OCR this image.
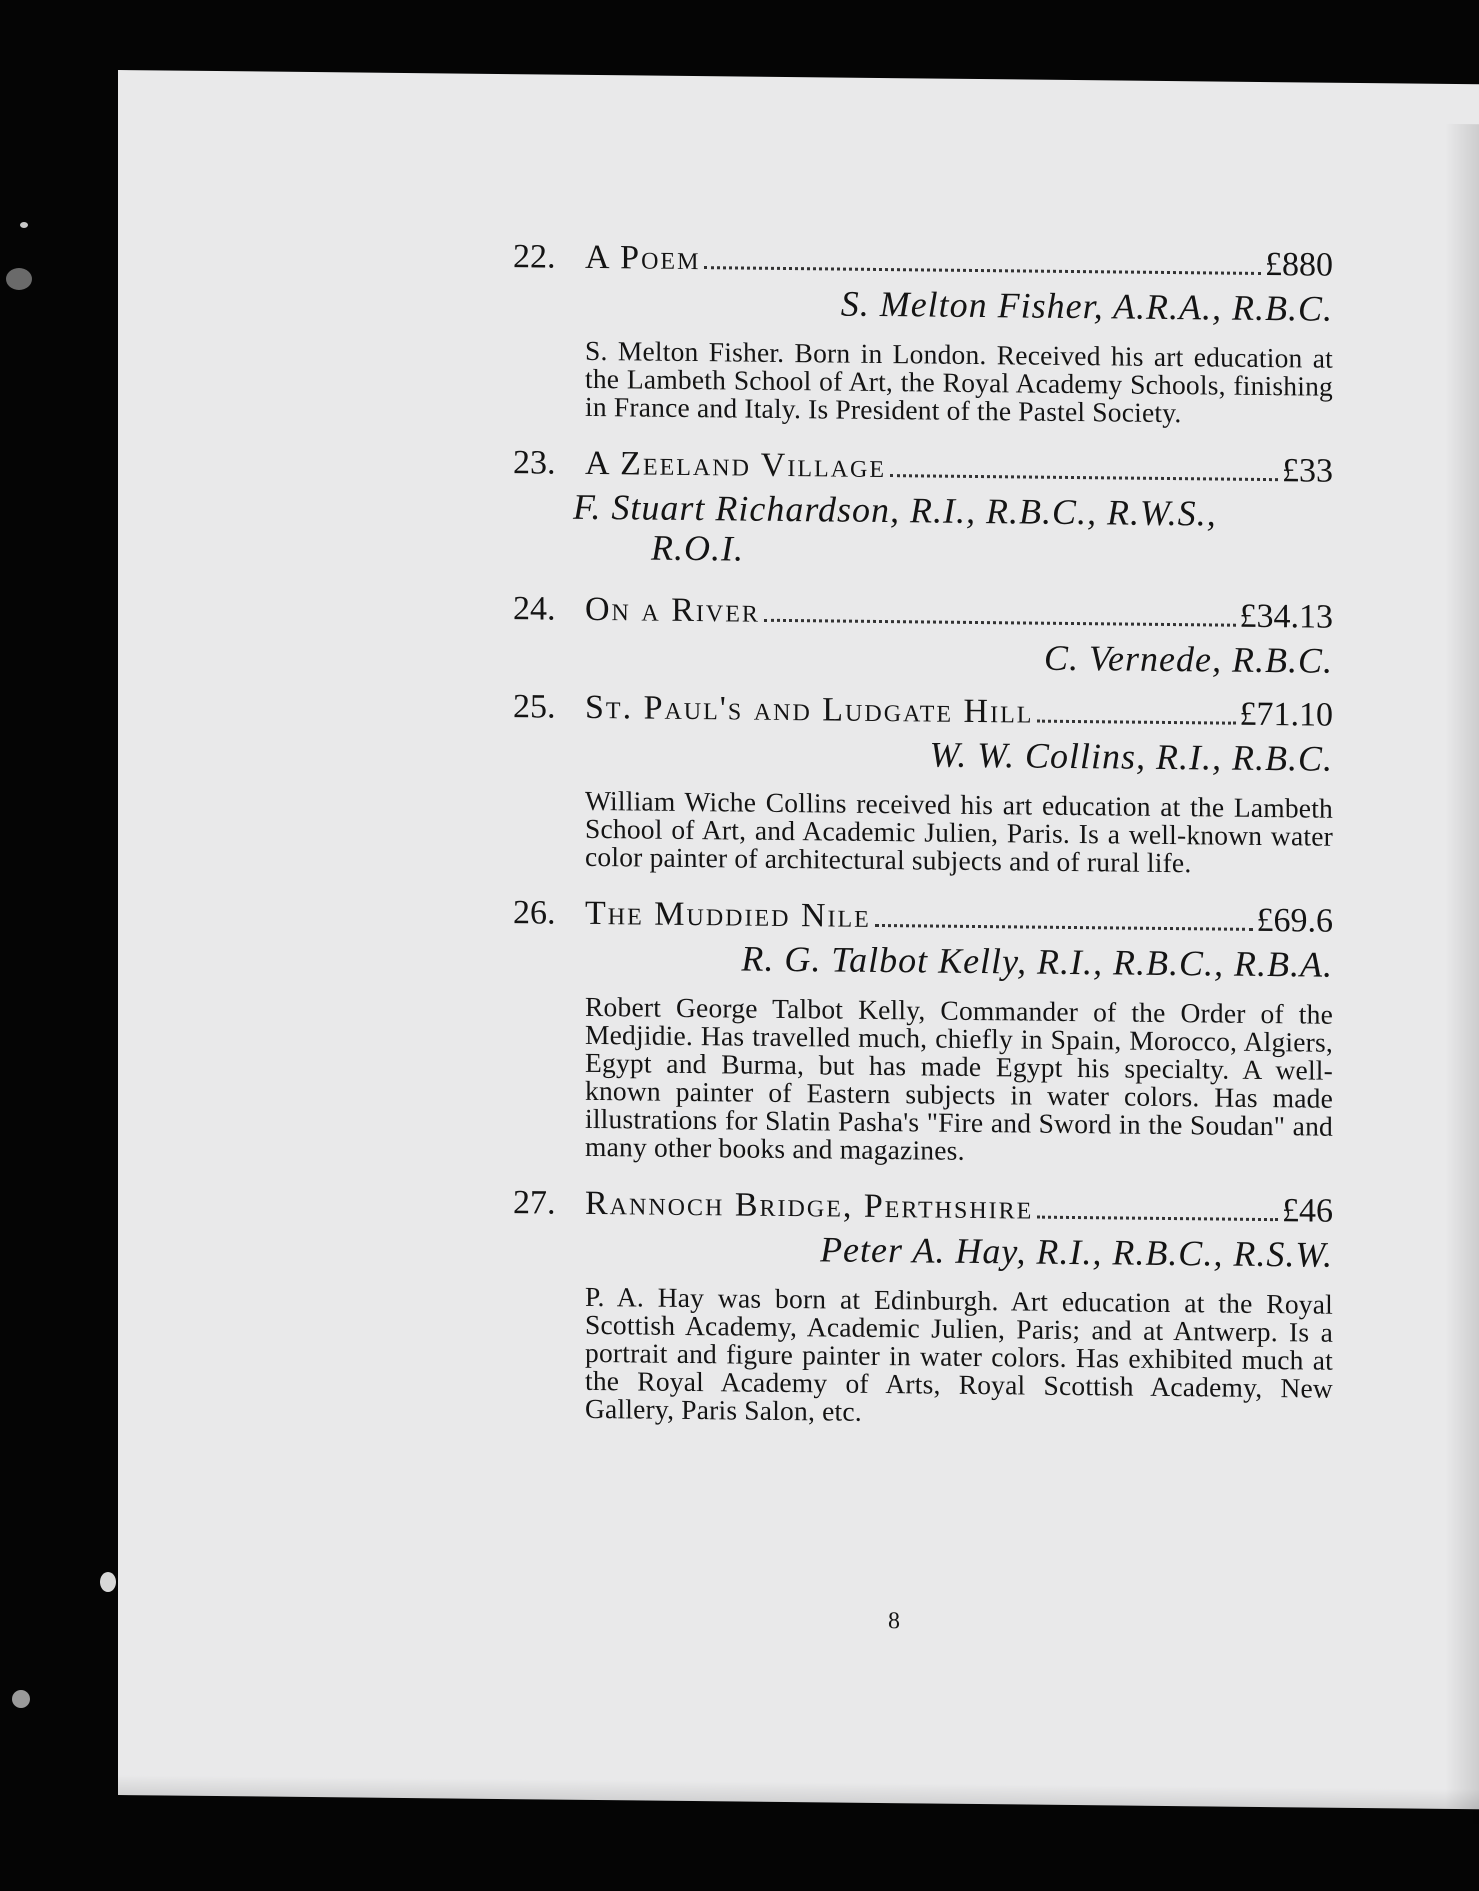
22. A Poem	£880
S. Melton Fisher, A.R.A., R.B.C.
S. Melton Fisher. Born in London. Received his art education at the Lambeth School of Art, the Royal Academy Schools, finishing in France and Italy. Is President of the Pastel Society.
23. A Zeeland Village	£33
F. Stuart Richardson, R.I., R.B.C., R.W.S.,
R.O.I.
24. On a River	£34.13
C. Vernede, R.B.C.
25. St. Paul's and Ludgate Hill	£71.10
W. W. Collins, R.I., R.B.C.
William Wiche Collins received his art education at the Lambeth School of Art, and Academic Julien, Paris. Is a well-known water color painter of architectural subjects and of rural life.
26. The Muddied Nile	£69.6
R. G. Talbot Kelly, R.I., R.B.C., R.B.A.
Robert George Talbot Kelly, Commander of the Order of the Medjidie. Has travelled much, chiefly in Spain, Morocco, Algiers, Egypt and Burma, but has made Egypt his specialty. A well-known painter of Eastern subjects in water colors. Has made illustrations for Slatin Pasha's "Fire and Sword in the Soudan" and many other books and magazines.
27. Rannoch Bridge, Perthshire	£46
Peter A. Hay, R.I., R.B.C., R.S.W.
P. A. Hay was born at Edinburgh. Art education at the Royal Scottish Academy, Academic Julien, Paris; and at Antwerp. Is a portrait and figure painter in water colors. Has exhibited much at the Royal Academy of Arts, Royal Scottish Academy, New Gallery, Paris Salon, etc.
8
